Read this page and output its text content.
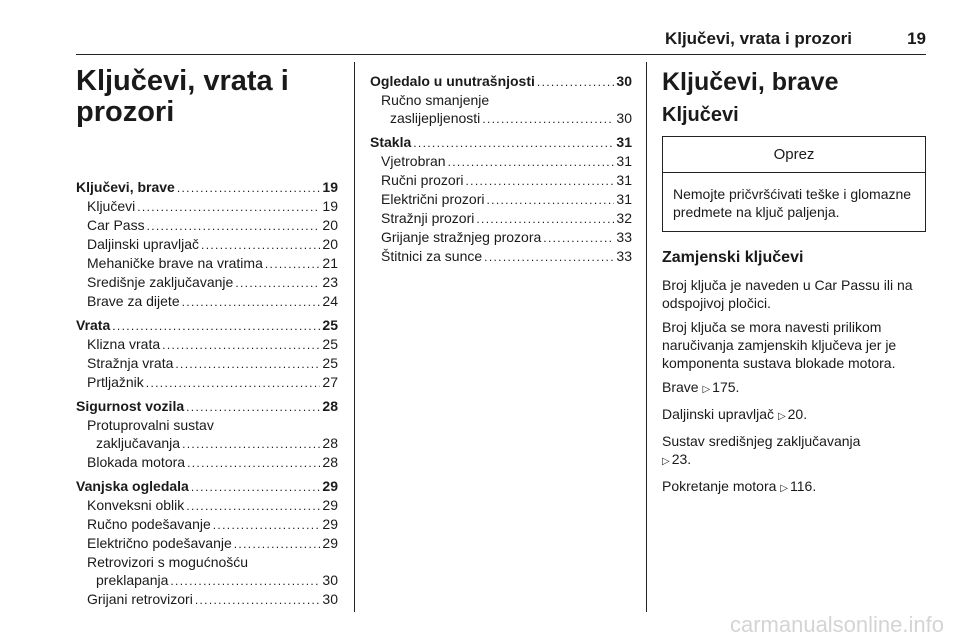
Ključevi, vrata i prozori	19
Ključevi, vrata i
prozori
Ključevi, brave . . .	19
Ključevi . . .	19
Car Pass . . .	20
Daljinski upravljač . . .	20
Mehaničke brave na vratima . . .	21
Središnje zaključavanje . . .	23
Brave za dijete . . .	24
Vrata . . .	25
Klizna vrata . . .	25
Stražnja vrata . . .	25
Prtljažnik . . .	27
Sigurnost vozila . . .	28
Protuprovalni sustav
zaključavanja . . .	28
Blokada motora . . .	28
Vanjska ogledala . . .	29
Konveksni oblik . . .	29
Ručno podešavanje . . .	29
Električno podešavanje . . .	29
Retrovizori s mogućnošću
preklapanja . . .	30
Grijani retrovizori . . .	30
Ogledalo u unutrašnjosti . . .	30
Ručno smanjenje
zaslijepljenosti . . .	30
Stakla . . .	31
Vjetrobran . . .	31
Ručni prozori . . .	31
Električni prozori . . .	31
Stražnji prozori . . .	32
Grijanje stražnjeg prozora . . .	33
Štitnici za sunce . . .	33
Ključevi, brave
Ključevi
Oprez
Nemojte pričvršćivati teške i glomazne predmete na ključ paljenja.
Zamjenski ključevi

Broj ključa je naveden u Car Passu ili na odspojivoj pločici.

Broj ključa se mora navesti prilikom naručivanja zamjenskih ključeva jer je komponenta sustava blokade motora.

Brave ▷ 175.

Daljinski upravljač ▷ 20.

Sustav središnjeg zaključavanja
▷ 23.

Pokretanje motora ▷ 116.

carmanualsonline.info
